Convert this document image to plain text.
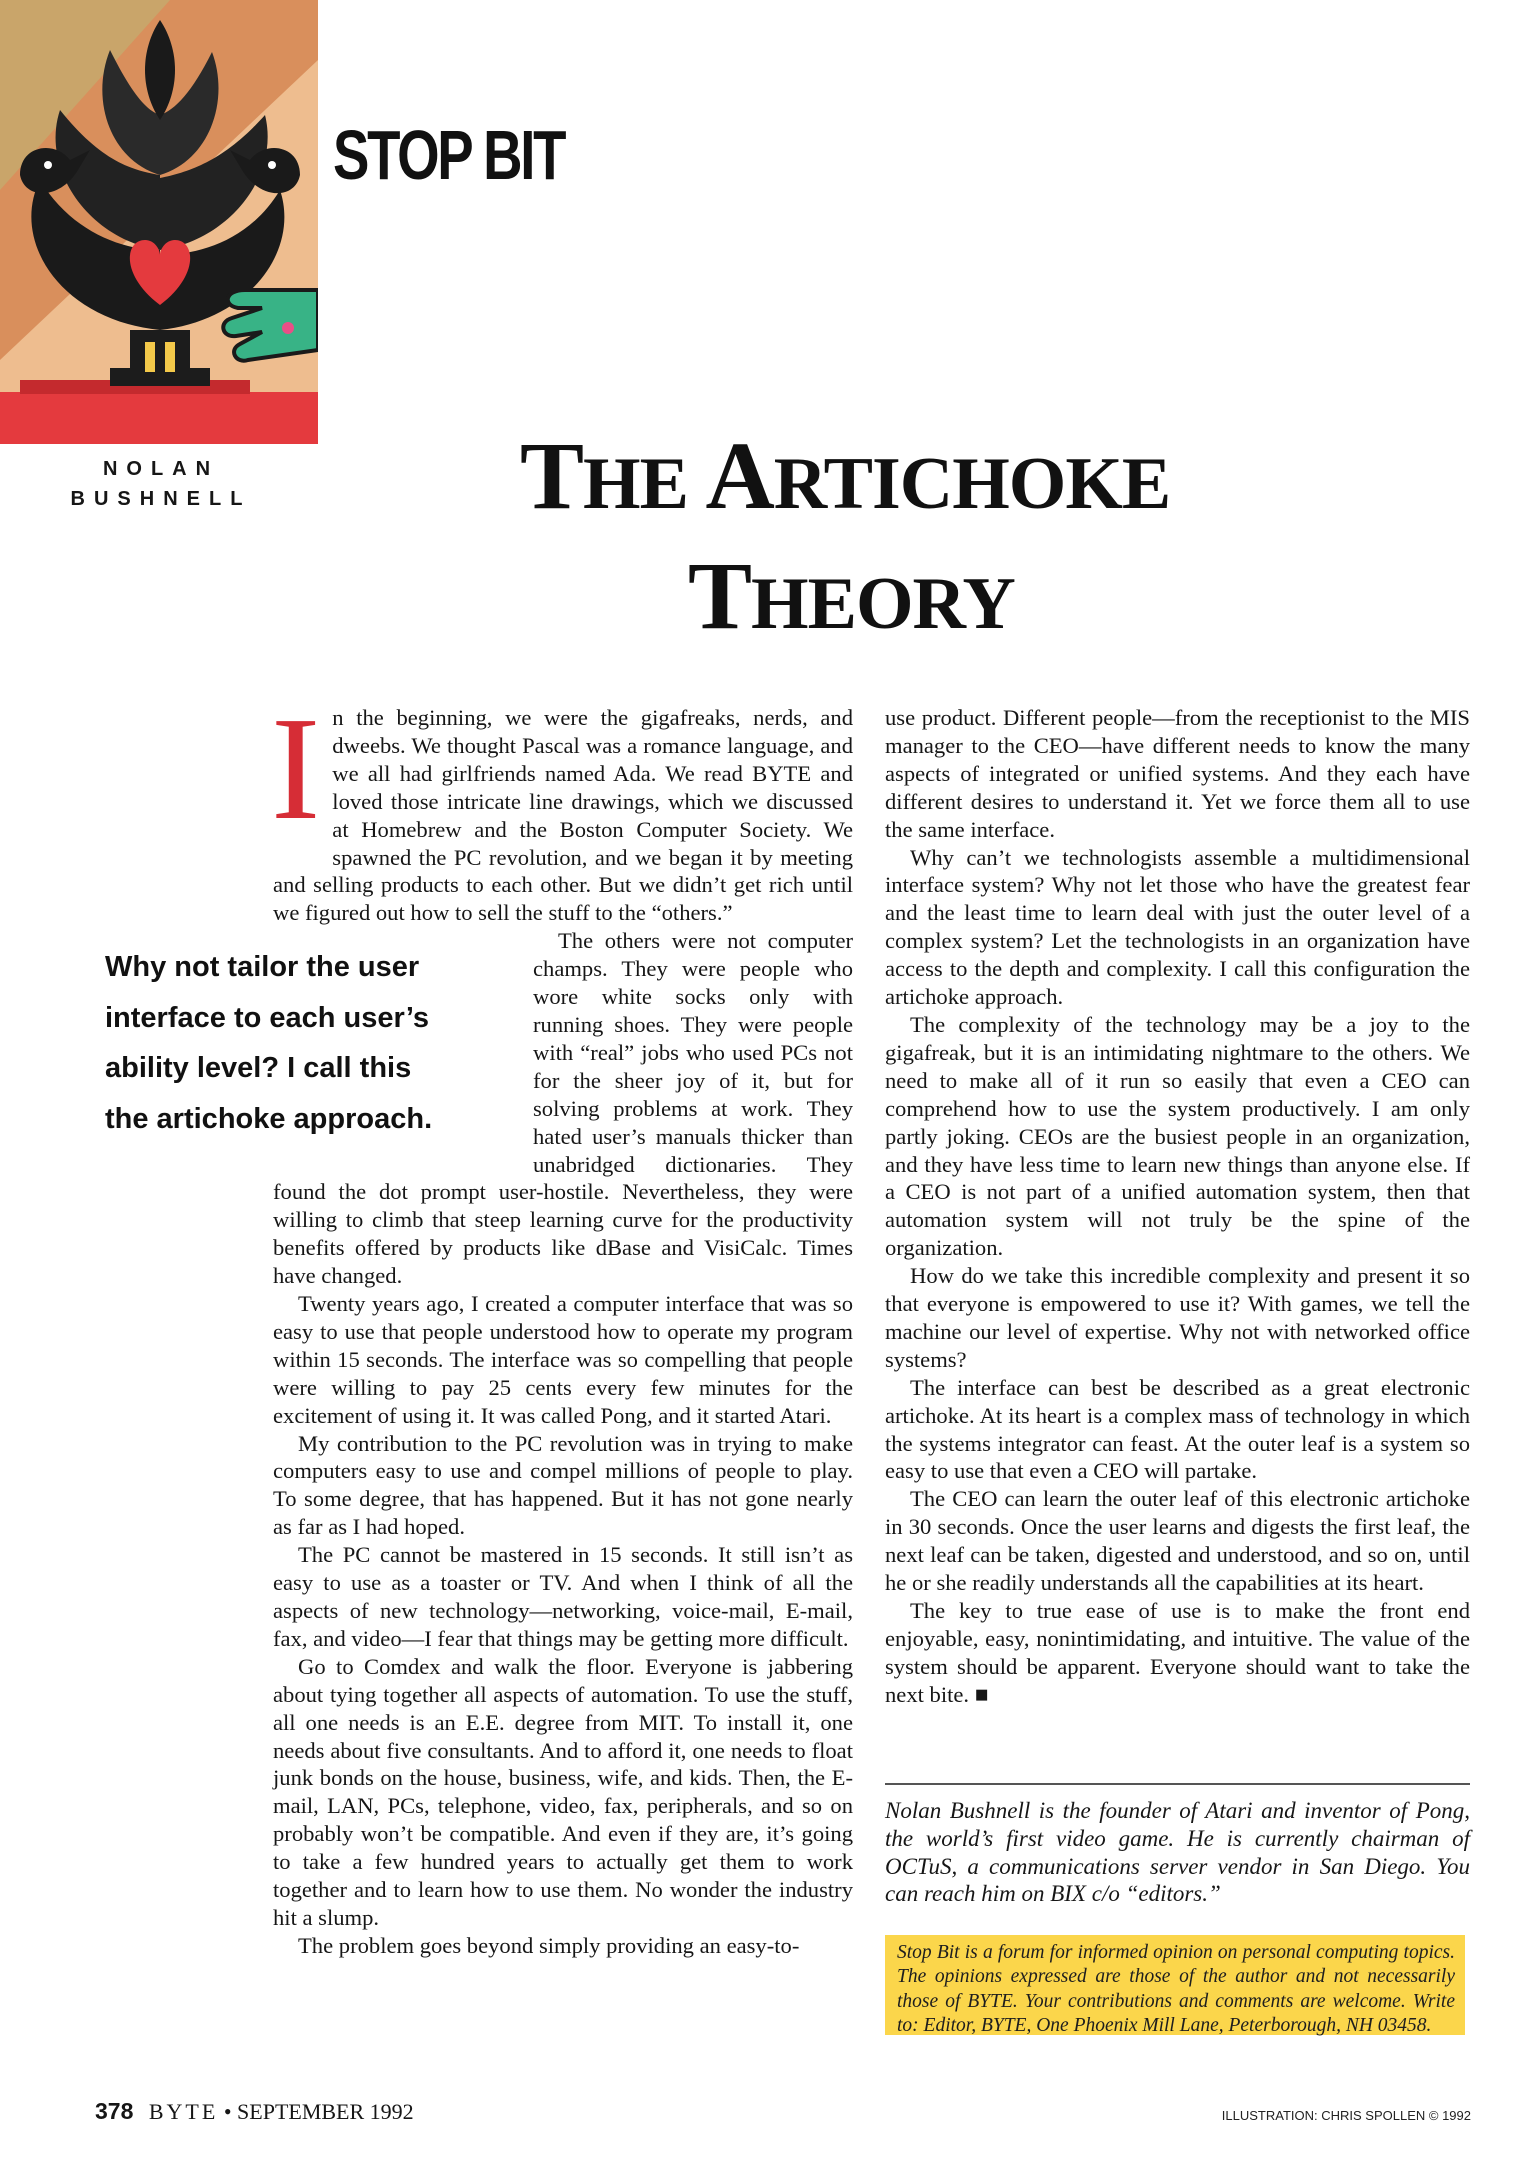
STOP BIT
NOLAN
BUSHNELL	THE ARTICHOKE
THEORY
I n the beginning, we were the gigafreaks, nerds, and dweebs. We thought Pascal was a romance language, and we all had girlfriends named Ada. We read BYTE and loved those intricate line drawings, which we discussed at Homebrew and the Boston Computer Society. We spawned the PC revolution, and we began it by meeting and selling products to each other. But we didn’t get rich until we figured out how to sell the stuff to the “others.”

The others were not computer champs. They were people who wore white socks only with running shoes. They were people with “real” jobs who used PCs not for the sheer joy of it, but for solving problems at work. They hated user’s manuals thicker than unabridged dictionaries. They found the dot prompt user-hostile. Nevertheless, they were willing to climb that steep learning curve for the productivity benefits offered by products like dBase and VisiCalc. Times have changed.

Twenty years ago, I created a computer interface that was so easy to use that people understood how to operate my program within 15 seconds. The interface was so compelling that people were willing to pay 25 cents every few minutes for the excitement of using it. It was called Pong, and it started Atari.

My contribution to the PC revolution was in trying to make computers easy to use and compel millions of people to play. To some degree, that has happened. But it has not gone nearly as far as I had hoped.

The PC cannot be mastered in 15 seconds. It still isn’t as easy to use as a toaster or TV. And when I think of all the aspects of new technology—networking, voice-mail, E-mail, fax, and video—I fear that things may be getting more difficult.

Go to Comdex and walk the floor. Everyone is jabbering about tying together all aspects of automation. To use the stuff, all one needs is an E.E. degree from MIT. To install it, one needs about five consultants. And to afford it, one needs to float junk bonds on the house, business, wife, and kids. Then, the E-mail, LAN, PCs, telephone, video, fax, peripherals, and so on probably won’t be compatible. And even if they are, it’s going to take a few hundred years to actually get them to work together and to learn how to use them. No wonder the industry hit a slump.

The problem goes beyond simply providing an easy-to-

Why not tailor the user
interface to each user’s
ability level? I call this
the artichoke approach.

use product. Different people—from the receptionist to the MIS manager to the CEO—have different needs to know the many aspects of integrated or unified systems. And they each have different desires to understand it. Yet we force them all to use the same interface.

Why can’t we technologists assemble a multidimensional interface system? Why not let those who have the greatest fear and the least time to learn deal with just the outer level of a complex system? Let the technologists in an organization have access to the depth and complexity. I call this configuration the artichoke approach.

The complexity of the technology may be a joy to the gigafreak, but it is an intimidating nightmare to the others. We need to make all of it run so easily that even a CEO can comprehend how to use the system productively. I am only partly joking. CEOs are the busiest people in an organization, and they have less time to learn new things than anyone else. If a CEO is not part of a unified automation system, then that automation system will not truly be the spine of the organization.

How do we take this incredible complexity and present it so that everyone is empowered to use it? With games, we tell the machine our level of expertise. Why not with networked office systems?

The interface can best be described as a great electronic artichoke. At its heart is a complex mass of technology in which the systems integrator can feast. At the outer leaf is a system so easy to use that even a CEO will partake.

The CEO can learn the outer leaf of this electronic artichoke in 30 seconds. Once the user learns and digests the first leaf, the next leaf can be taken, digested and understood, and so on, until he or she readily understands all the capabilities at its heart.

The key to true ease of use is to make the front end enjoyable, easy, nonintimidating, and intuitive. The value of the system should be apparent. Everyone should want to take the next bite. ■

Nolan Bushnell is the founder of Atari and inventor of Pong, the world’s first video game. He is currently chairman of OCTuS, a communications server vendor in San Diego. You can reach him on BIX c/o “editors.”
Stop Bit is a forum for informed opinion on personal computing topics. The opinions expressed are those of the author and not necessarily those of BYTE. Your contributions and comments are welcome. Write to: Editor, BYTE, One Phoenix Mill Lane, Peterborough, NH 03458.
378 BYTE • SEPTEMBER 1992	ILLUSTRATION: CHRIS SPOLLEN © 1992
